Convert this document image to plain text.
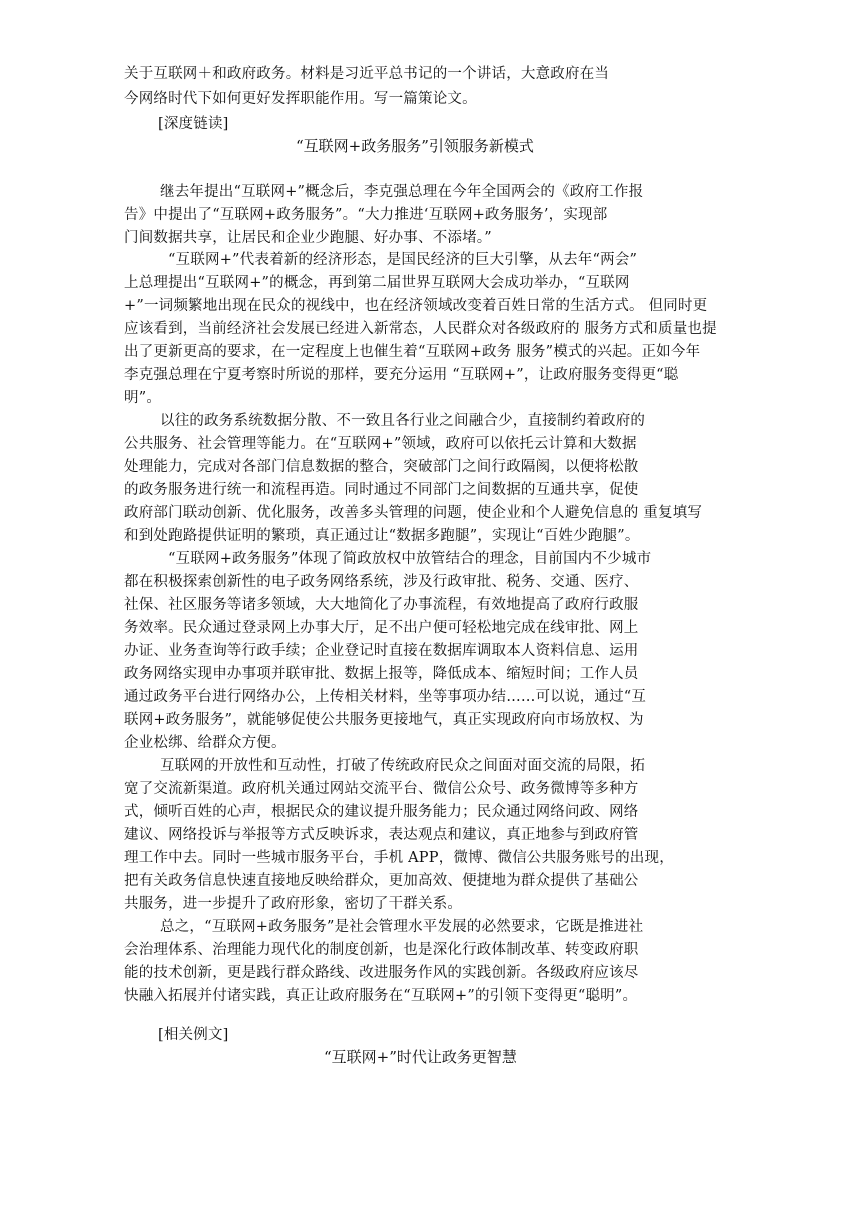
关于互联网＋和政府政务。材料是习近平总书记的一个讲话，大意政府在当
今网络时代下如何更好发挥职能作用。写一篇策论文。
[深度链读]
“互联网+政务服务”引领服务新模式
继去年提出“互联网+”概念后，李克强总理在今年全国两会的《政府工作报
告》中提出了“互联网+政务服务”。“大力推进‘互联网+政务服务’，实现部
门间数据共享，让居民和企业少跑腿、好办事、不添堵。”
“互联网+”代表着新的经济形态，是国民经济的巨大引擎，从去年“两会”
上总理提出“互联网+”的概念，再到第二届世界互联网大会成功举办，“互联网
+”一词频繁地出现在民众的视线中，也在经济领域改变着百姓日常的生活方式。 但同时更
应该看到，当前经济社会发展已经进入新常态，人民群众对各级政府的 服务方式和质量也提
出了更新更高的要求，在一定程度上也催生着“互联网+政务 服务”模式的兴起。正如今年
李克强总理在宁夏考察时所说的那样，要充分运用 “互联网+”，让政府服务变得更“聪
明”。
以往的政务系统数据分散、不一致且各行业之间融合少，直接制约着政府的
公共服务、社会管理等能力。在“互联网+”领域，政府可以依托云计算和大数据
处理能力，完成对各部门信息数据的整合，突破部门之间行政隔阂，以便将松散
的政务服务进行统一和流程再造。同时通过不同部门之间数据的互通共享，促使
政府部门联动创新、优化服务，改善多头管理的问题，使企业和个人避免信息的 重复填写
和到处跑路提供证明的繁琐，真正通过让“数据多跑腿”，实现让“百姓少跑腿”。
“互联网+政务服务”体现了简政放权中放管结合的理念，目前国内不少城市
都在积极探索创新性的电子政务网络系统，涉及行政审批、税务、交通、医疗、
社保、社区服务等诸多领域，大大地简化了办事流程，有效地提高了政府行政服
务效率。民众通过登录网上办事大厅，足不出户便可轻松地完成在线审批、网上
办证、业务查询等行政手续；企业登记时直接在数据库调取本人资料信息、运用
政务网络实现申办事项并联审批、数据上报等，降低成本、缩短时间；工作人员
通过政务平台进行网络办公，上传相关材料，坐等事项办结……可以说，通过“互
联网+政务服务”，就能够促使公共服务更接地气，真正实现政府向市场放权、为
企业松绑、给群众方便。
互联网的开放性和互动性，打破了传统政府民众之间面对面交流的局限，拓
宽了交流新渠道。政府机关通过网站交流平台、微信公众号、政务微博等多种方
式，倾听百姓的心声，根据民众的建议提升服务能力；民众通过网络问政、网络
建议、网络投诉与举报等方式反映诉求，表达观点和建议，真正地参与到政府管
理工作中去。同时一些城市服务平台，手机 APP，微博、微信公共服务账号的出现，
把有关政务信息快速直接地反映给群众，更加高效、便捷地为群众提供了基础公
共服务，进一步提升了政府形象，密切了干群关系。
总之，“互联网+政务服务”是社会管理水平发展的必然要求，它既是推进社
会治理体系、治理能力现代化的制度创新，也是深化行政体制改革、转变政府职
能的技术创新，更是践行群众路线、改进服务作风的实践创新。各级政府应该尽
快融入拓展并付诸实践，真正让政府服务在“互联网+”的引领下变得更“聪明”。
[相关例文]
“互联网+”时代让政务更智慧
